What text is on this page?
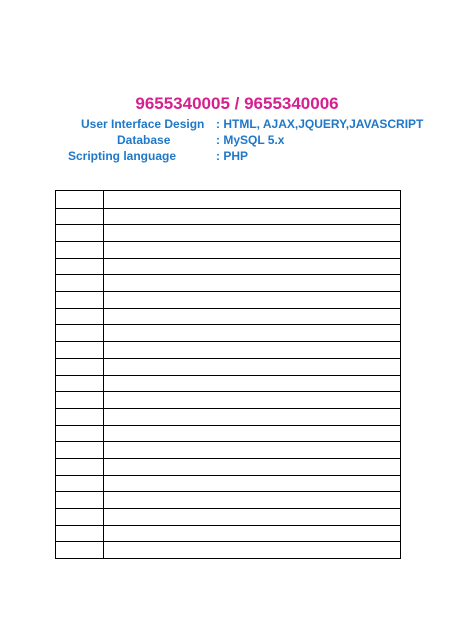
9655340005 / 9655340006
User Interface Design : HTML, AJAX,JQUERY,JAVASCRIPT
Database	: MySQL 5.x
Scripting language	: PHP
